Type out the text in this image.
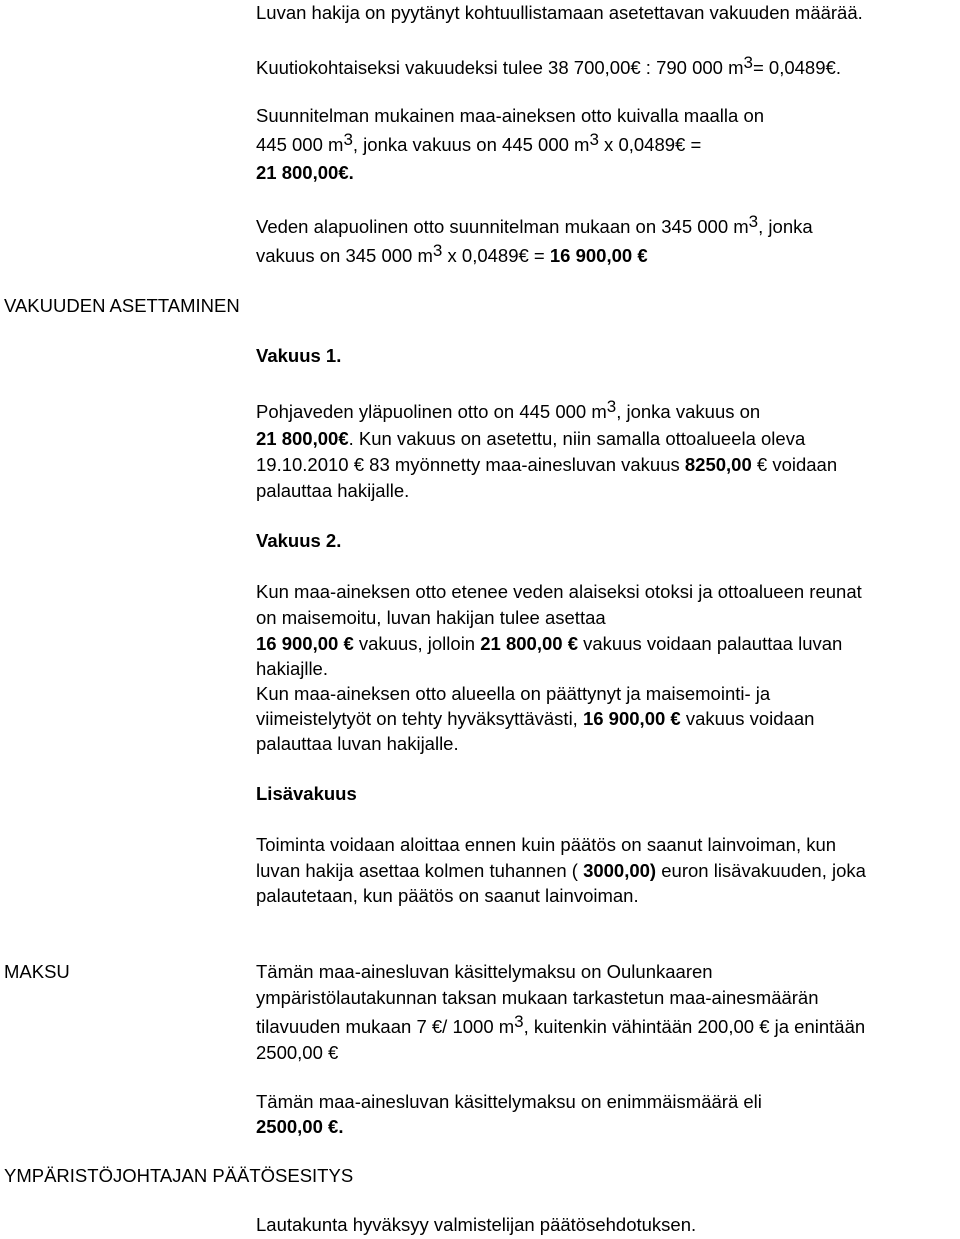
VAKUUDEN ASETTAMINEN
MAKSU
YMPÄRISTÖJOHTAJAN PÄÄTÖSESITYS
Luvan hakija on pyytänyt kohtuullistamaan asetettavan vakuuden määrää.
Kuutiokohtaiseksi vakuudeksi tulee 38 700,00€ : 790 000 $m^3=$ 0,0489€.
Suunnitelman mukainen maa-aineksen otto kuivalla maalla on
445 000 $m^3$, jonka vakuus on 445 000 $m^3$ x 0,0489€ =
21 800,00€.
Veden alapuolinen otto suunnitelman mukaan on 345 000 $m^3$, jonka
vakuus on 345 000 $m^3$ x 0,0489€ = 16 900,00 €
Vakuus 1.
Pohjaveden yläpuolinen otto on 445 000 $m^3$, jonka vakuus on
21 800,00€. Kun vakuus on asetettu, niin samalla ottoalueela oleva
19.10.2010 € 83 myönnetty maa-ainesluvan vakuus 8250,00 € voidaan
palauttaa hakijalle.
Vakuus 2.
Kun maa-aineksen otto etenee veden alaiseksi otoksi ja ottoalueen reunat
on maisemoitu, luvan hakijan tulee asettaa
16 900,00 € vakuus, jolloin 21 800,00 € vakuus voidaan palauttaa luvan
hakiajlle.
Kun maa-aineksen otto alueella on päättynyt ja maisemointi- ja
viimeistelytyöt on tehty hyväksyttävästi, 16 900,00 € vakuus voidaan
palauttaa luvan hakijalle.
Lisävakuus
Toiminta voidaan aloittaa ennen kuin päätös on saanut lainvoiman, kun
luvan hakija asettaa kolmen tuhannen ( 3000,00) euron lisävakuuden, joka
palautetaan, kun päätös on saanut lainvoiman.
Tämän maa-ainesluvan käsittelymaksu on Oulunkaaren
ympäristölautakunnan taksan mukaan tarkastetun maa-ainesmäärän
tilavuuden mukaan 7 €/ 1000 $m^3$, kuitenkin vähintään 200,00 € ja enintään
2500,00 €
Tämän maa-ainesluvan käsittelymaksu on enimmäismäärä eli
2500,00 €.
Lautakunta hyväksyy valmistelijan päätösehdotuksen.
